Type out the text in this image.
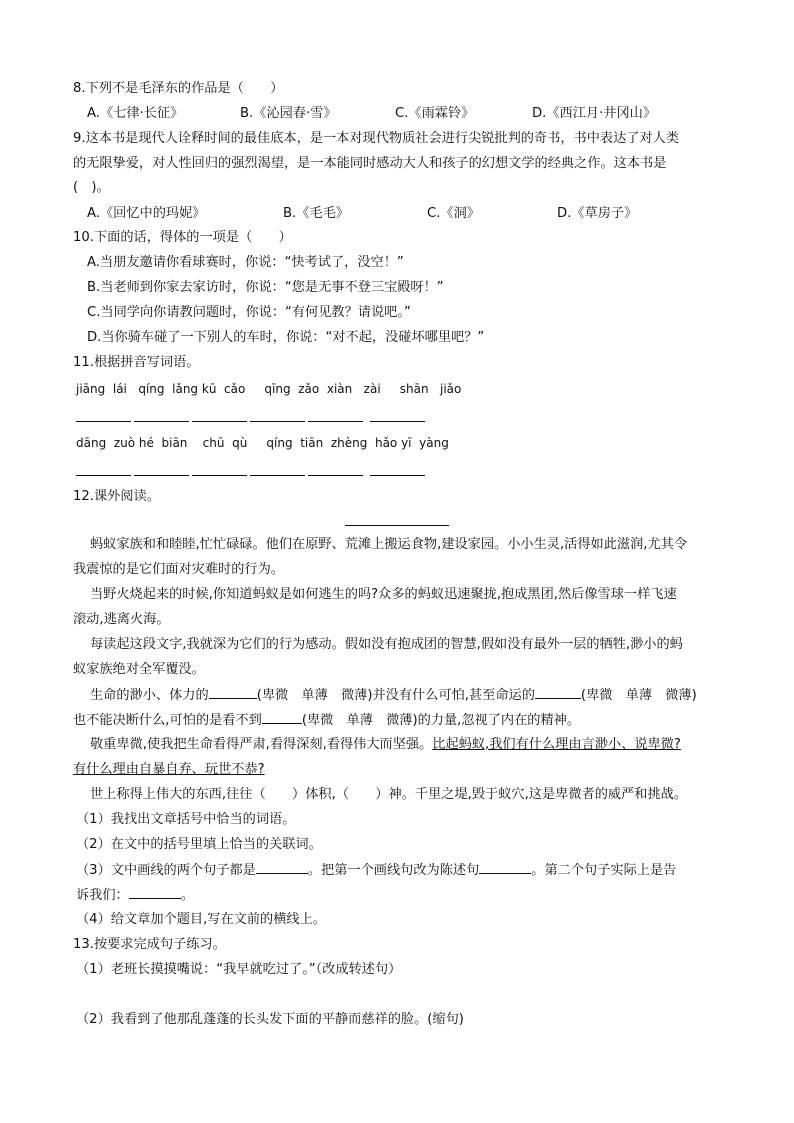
8.下列不是毛泽东的作品是（　　）
A.《七律·长征》	B.《沁园春·雪》	C.《雨霖铃》	D.《西江月·井冈山》
9.这本书是现代人诠释时间的最佳底本，是一本对现代物质社会进行尖锐批判的奇书，书中表达了对人类
的无限挚爱，对人性回归的强烈渴望，是一本能同时感动大人和孩子的幻想文学的经典之作。这本书是
(　)。
A.《回忆中的玛妮》	B.《毛毛》	C.《洞》	D.《草房子》
10.下面的话，得体的一项是（　　）
A.当朋友邀请你看球赛时，你说：“快考试了，没空！”
B.当老师到你家去家访时，你说：“您是无事不登三宝殿呀！”
C.当同学向你请教问题时，你说：“有何见教？请说吧。”
D.当你骑车碰了一下别人的车时，你说：“对不起，没碰坏哪里吧？”
11.根据拼音写词语。
jiāng  lái   qíng  lǎng kū  cǎo     qīng  zǎo  xiàn   zài     shān   jiǎo
dāng  zuò hé  biān    chū  qù     qíng  tiān  zhèng  hǎo yī  yàng
12.课外阅读。
蚂蚁家族和和睦睦,忙忙碌碌。他们在原野、荒滩上搬运食物,建设家园。小小生灵,活得如此滋润,尤其令
我震惊的是它们面对灾难时的行为。
当野火烧起来的时候,你知道蚂蚁是如何逃生的吗?众多的蚂蚁迅速聚拢,抱成黑团,然后像雪球一样飞速
滚动,逃离火海。
每读起这段文字,我就深为它们的行为感动。假如没有抱成团的智慧,假如没有最外一层的牺牲,渺小的蚂
蚁家族绝对全军覆没。
生命的渺小、体力的	(卑微　单薄　微薄)并没有什么可怕,甚至命运的	(卑微　单薄　微薄)
也不能决断什么,可怕的是看不到	(卑微　单薄　微薄)的力量,忽视了内在的精神。
敬重卑微,使我把生命看得严肃,看得深刻,看得伟大而坚强。比起蚂蚁,我们有什么理由言渺小、说卑微?
有什么理由自暴自弃、玩世不恭?
世上称得上伟大的东西,往往（　　）体积,（　　）神。千里之堤,毁于蚁穴,这是卑微者的威严和挑战。
（1）我找出文章括号中恰当的词语。
（2）在文中的括号里填上恰当的关联词。
（3）文中画线的两个句子都是	。把第一个画线句改为陈述句	。第二个句子实际上是告
诉我们：	。
（4）给文章加个题目,写在文前的横线上。
13.按要求完成句子练习。
（1）老班长摸摸嘴说：“我早就吃过了。”（改成转述句）
（2）我看到了他那乱蓬蓬的长头发下面的平静而慈祥的脸。(缩句)
